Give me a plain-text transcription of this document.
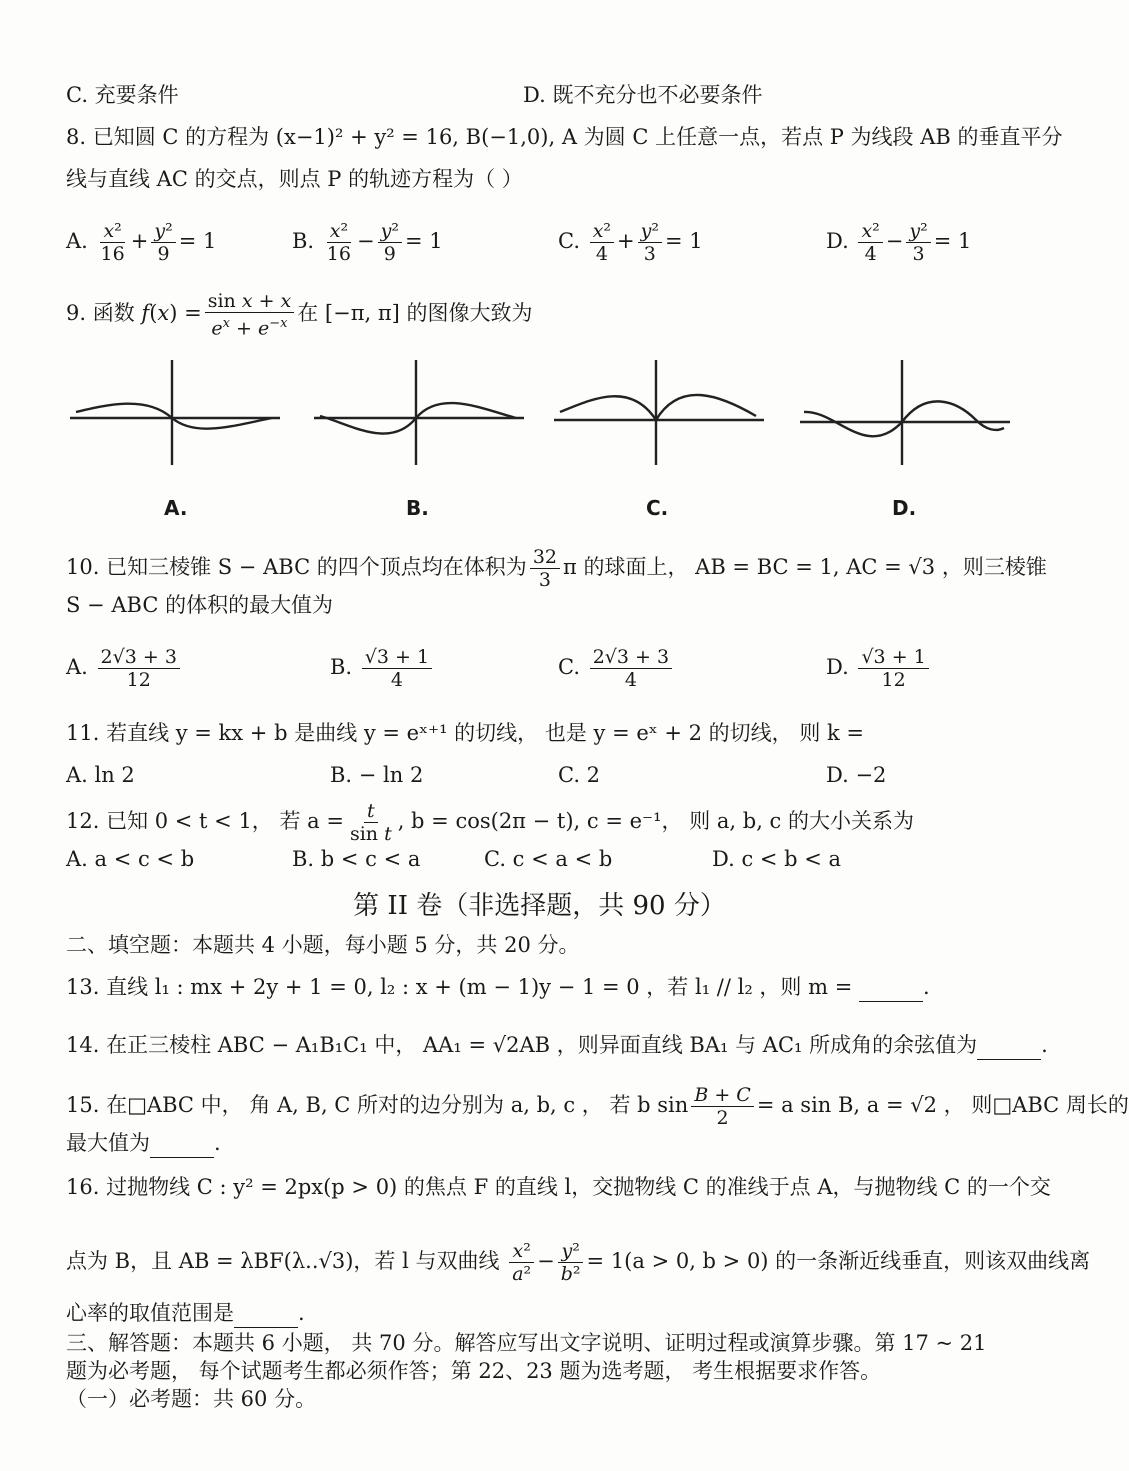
C. 充要条件	D. 既不充分也不必要条件
8. 已知圆 C 的方程为 (x−1)² + y² = 16, B(−1,0), A 为圆 C 上任意一点，若点 P 为线段 AB 的垂直平分
线与直线 AC 的交点，则点 P 的轨迹方程为（ ）
A. $\frac{\text{x²}}{16} + \frac{\text{y²}}{9} = 1$	B. $\frac{\text{x²}}{16} - \frac{\text{y²}}{9} = 1$	C. $\frac{\text{x²}}{4} + \frac{\text{y²}}{3} = 1$	D. $\frac{\text{x²}}{4} - \frac{\text{y²}}{3} = 1$
9. 函数 $f(x) = \frac{\text{sin x + x}}{e^x + e^{-x}}$ 在 [−π, π] 的图像大致为
A.	B.	C.	D.
10. 已知三棱锥 S − ABC 的四个顶点均在体积为 $\frac{32}{3}$ π 的球面上， AB = BC = 1, AC = √3 ，则三棱锥
S − ABC 的体积的最大值为
A. $\frac{2√3 + 3}{12}$	B. $\frac{√3 + 1}{4}$	C. $\frac{2√3 + 3}{4}$	D. $\frac{√3 + 1}{12}$
11. 若直线 y = kx + b 是曲线 y = eˣ⁺¹ 的切线， 也是 y = eˣ + 2 的切线， 则 k =
A. ln 2	B. − ln 2	C. 2	D. −2
12. 已知 0 < t < 1， 若 $a = \frac{t}{\text{sin t}}$ , b = cos(2π − t), c = e⁻¹， 则 a, b, c 的大小关系为
A. a < c < b	B. b < c < a	C. c < a < b	D. c < b < a
第 II 卷（非选择题，共 90 分）
二、填空题：本题共 4 小题，每小题 5 分，共 20 分。
13. 直线 l₁ : mx + 2y + 1 = 0, l₂ : x + (m − 1)y − 1 = 0 ，若 l₁ // l₂ ，则 m =	.
14. 在正三棱柱 ABC − A₁B₁C₁ 中， AA₁ = √2AB ，则异面直线 BA₁ 与 AC₁ 所成角的余弦值为	.
15. 在□ABC 中， 角 A, B, C 所对的边分别为 a, b, c ， 若 b $\sin \frac{B + C}{2} = a$ sin B, a = √2 ， 则□ABC 周长的
最大值为	.
16. 过抛物线 C : y² = 2px(p > 0) 的焦点 F 的直线 l，交抛物线 C 的准线于点 A，与抛物线 C 的一个交
点为 B，且 AB = λBF(λ..√3)，若 l 与双曲线 $\frac{\text{x²}}{\text{a²}} - \frac{\text{y²}}{\text{b²}} = 1(a > 0$, b > 0) 的一条渐近线垂直，则该双曲线离
心率的取值范围是	.
三、解答题：本题共 6 小题， 共 70 分。解答应写出文字说明、证明过程或演算步骤。第 17 ~ 21
题为必考题， 每个试题考生都必须作答；第 22、23 题为选考题， 考生根据要求作答。
（一）必考题：共 60 分。
